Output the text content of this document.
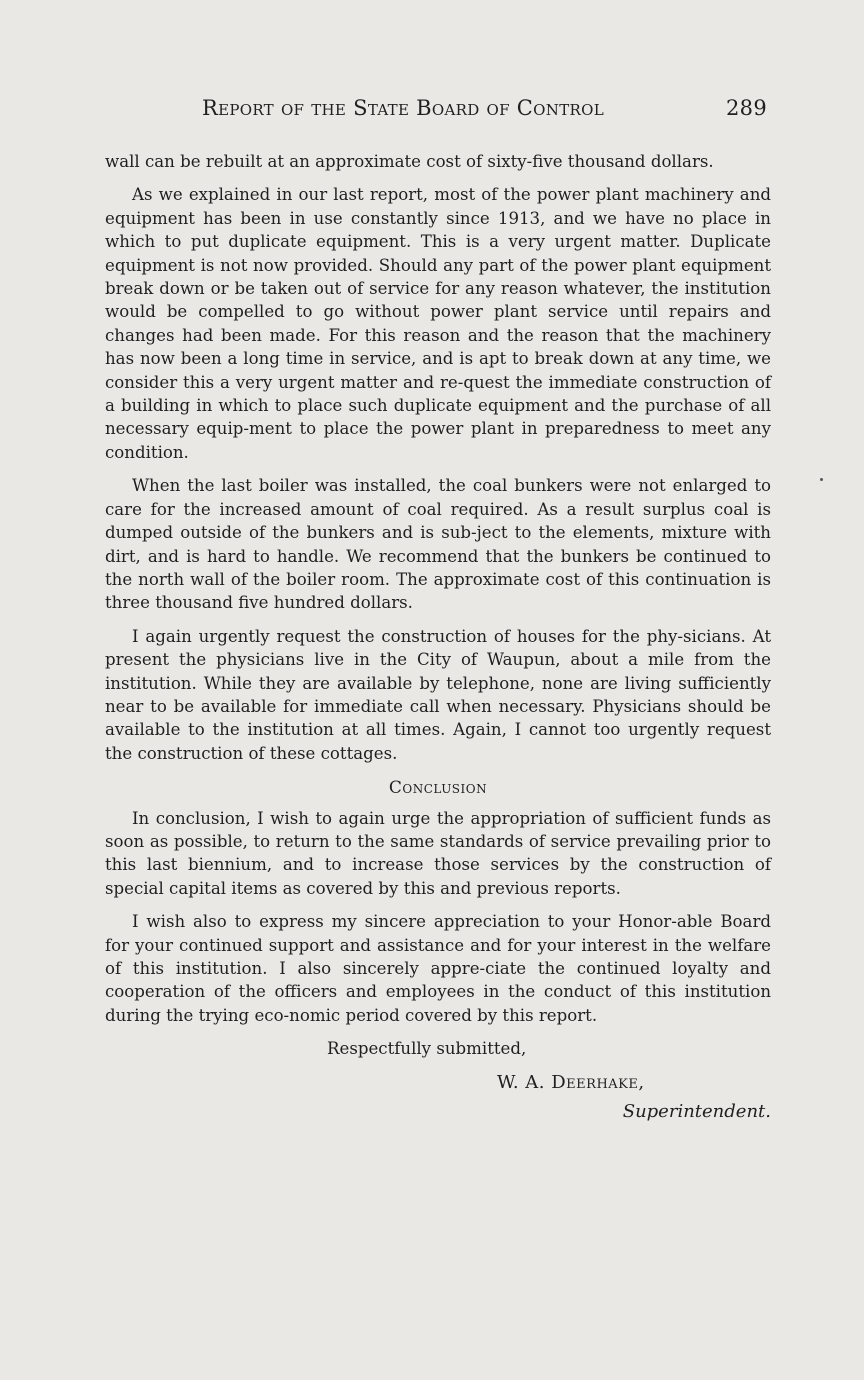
Report of the State Board of Control	289

wall can be rebuilt at an approximate cost of sixty-five thousand dollars.

As we explained in our last report, most of the power plant machinery and equipment has been in use constantly since 1913, and we have no place in which to put duplicate equipment. This is a very urgent matter. Duplicate equipment is not now provided. Should any part of the power plant equipment break down or be taken out of service for any reason whatever, the institution would be compelled to go without power plant service until repairs and changes had been made. For this reason and the reason that the machinery has now been a long time in service, and is apt to break down at any time, we consider this a very urgent matter and re-quest the immediate construction of a building in which to place such duplicate equipment and the purchase of all necessary equip-ment to place the power plant in preparedness to meet any condition.

When the last boiler was installed, the coal bunkers were not enlarged to care for the increased amount of coal required. As a result surplus coal is dumped outside of the bunkers and is sub-ject to the elements, mixture with dirt, and is hard to handle. We recommend that the bunkers be continued to the north wall of the boiler room. The approximate cost of this continuation is three thousand five hundred dollars.

I again urgently request the construction of houses for the phy-sicians. At present the physicians live in the City of Waupun, about a mile from the institution. While they are available by telephone, none are living sufficiently near to be available for immediate call when necessary. Physicians should be available to the institution at all times. Again, I cannot too urgently request the construction of these cottages.

Conclusion

In conclusion, I wish to again urge the appropriation of sufficient funds as soon as possible, to return to the same standards of service prevailing prior to this last biennium, and to increase those services by the construction of special capital items as covered by this and previous reports.

I wish also to express my sincere appreciation to your Honor-able Board for your continued support and assistance and for your interest in the welfare of this institution. I also sincerely appre-ciate the continued loyalty and cooperation of the officers and employees in the conduct of this institution during the trying eco-nomic period covered by this report.

Respectfully submitted,
W. A. Deerhake,
Superintendent.
